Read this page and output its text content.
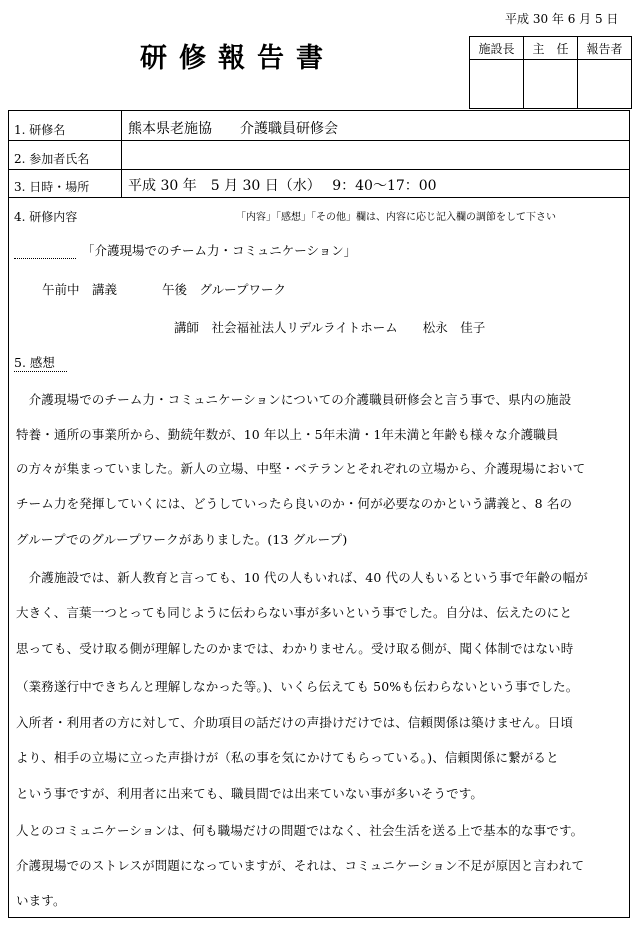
平成 30 年 6 月 5 日
研修報告書	施設長	主　任	報告者

1. 研修名	熊本県老施協　　介護職員研修会
2. 参加者氏名
3. 日時・場所	平成 30 年　5 月 30 日（水）　 9：40〜17：00
4. 研修内容	「内容」「感想」「その他」欄は、内容に応じ記入欄の調節をして下さい
「介護現場でのチーム力・コミュニケーション」
午前中　講義	午後　グループワーク
講師　社会福祉法人リデルライトホーム　　松永　佳子
5. 感想
　介護現場でのチーム力・コミュニケーションについての介護職員研修会と言う事で、県内の施設
特養・通所の事業所から、勤続年数が、10 年以上・5年未満・1年未満と年齢も様々な介護職員
の方々が集まっていました。新人の立場、中堅・ベテランとそれぞれの立場から、介護現場において
チーム力を発揮していくには、どうしていったら良いのか・何が必要なのかという講義と、8 名の
グループでのグループワークがありました。(13 グループ)
　介護施設では、新人教育と言っても、10 代の人もいれば、40 代の人もいるという事で年齢の幅が
大きく、言葉一つとっても同じように伝わらない事が多いという事でした。自分は、伝えたのにと
思っても、受け取る側が理解したのかまでは、わかりません。受け取る側が、聞く体制ではない時
（業務遂行中できちんと理解しなかった等。)、いくら伝えても 50%も伝わらないという事でした。
入所者・利用者の方に対して、介助項目の話だけの声掛けだけでは、信頼関係は築けません。日頃
より、相手の立場に立った声掛けが（私の事を気にかけてもらっている。)、信頼関係に繋がると
という事ですが、利用者に出来ても、職員間では出来ていない事が多いそうです。
人とのコミュニケーションは、何も職場だけの問題ではなく、社会生活を送る上で基本的な事です。
介護現場でのストレスが問題になっていますが、それは、コミュニケーション不足が原因と言われて
います。
